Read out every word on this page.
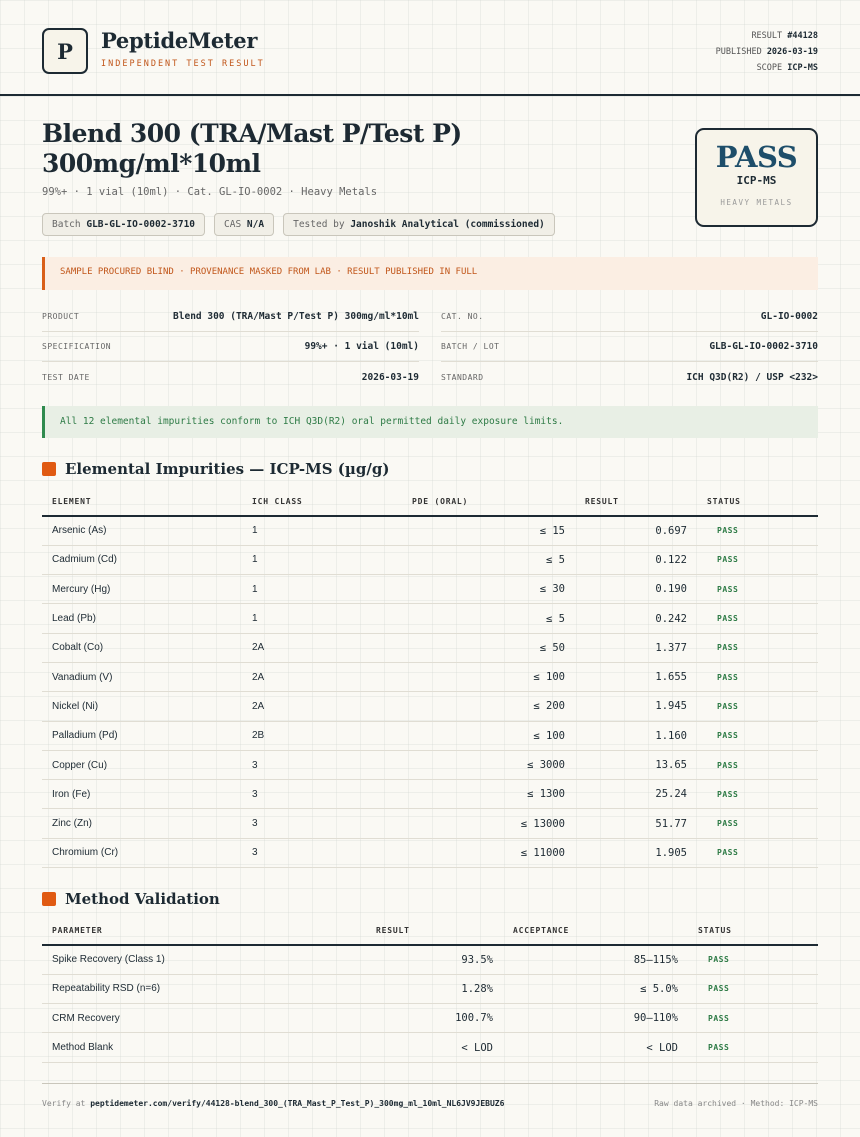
P	PeptideMeter
INDEPENDENT TEST RESULT
RESULT #44128
PUBLISHED 2026-03-19
SCOPE ICP-MS
Blend 300 (TRA/Mast P/Test P)
300mg/ml*10ml
99%+ · 1 vial (10ml) · Cat. GL-IO-0002 · Heavy Metals
Batch GLB-GL-IO-0002-3710	CAS N/A	Tested by Janoshik Analytical (commissioned)
PASS
ICP-MS
HEAVY METALS
SAMPLE PROCURED BLIND · PROVENANCE MASKED FROM LAB · RESULT PUBLISHED IN FULL
PRODUCT	Blend 300 (TRA/Mast P/Test P) 300mg/ml*10ml
SPECIFICATION	99%+ · 1 vial (10ml)
TEST DATE	2026-03-19
CAT. NO.	GL-IO-0002
BATCH / LOT	GLB-GL-IO-0002-3710
STANDARD	ICH Q3D(R2) / USP <232>
All 12 elemental impurities conform to ICH Q3D(R2) oral permitted daily exposure limits.
Elemental Impurities — ICP-MS (µg/g)
ELEMENT	ICH CLASS	PDE (ORAL)	RESULT	STATUS
Arsenic (As)	1	≤ 15	0.697	PASS
Cadmium (Cd)	1	≤ 5	0.122	PASS
Mercury (Hg)	1	≤ 30	0.190	PASS
Lead (Pb)	1	≤ 5	0.242	PASS
Cobalt (Co)	2A	≤ 50	1.377	PASS
Vanadium (V)	2A	≤ 100	1.655	PASS
Nickel (Ni)	2A	≤ 200	1.945	PASS
Palladium (Pd)	2B	≤ 100	1.160	PASS
Copper (Cu)	3	≤ 3000	13.65	PASS
Iron (Fe)	3	≤ 1300	25.24	PASS
Zinc (Zn)	3	≤ 13000	51.77	PASS
Chromium (Cr)	3	≤ 11000	1.905	PASS
Method Validation
PARAMETER	RESULT	ACCEPTANCE	STATUS
Spike Recovery (Class 1)	93.5%	85–115%	PASS
Repeatability RSD (n=6)	1.28%	≤ 5.0%	PASS
CRM Recovery	100.7%	90–110%	PASS
Method Blank	< LOD	< LOD	PASS
Verify at peptidemeter.com/verify/44128-blend_300_(TRA_Mast_P_Test_P)_300mg_ml_10ml_NL6JV9JEBUZ6	Raw data archived · Method: ICP-MS
